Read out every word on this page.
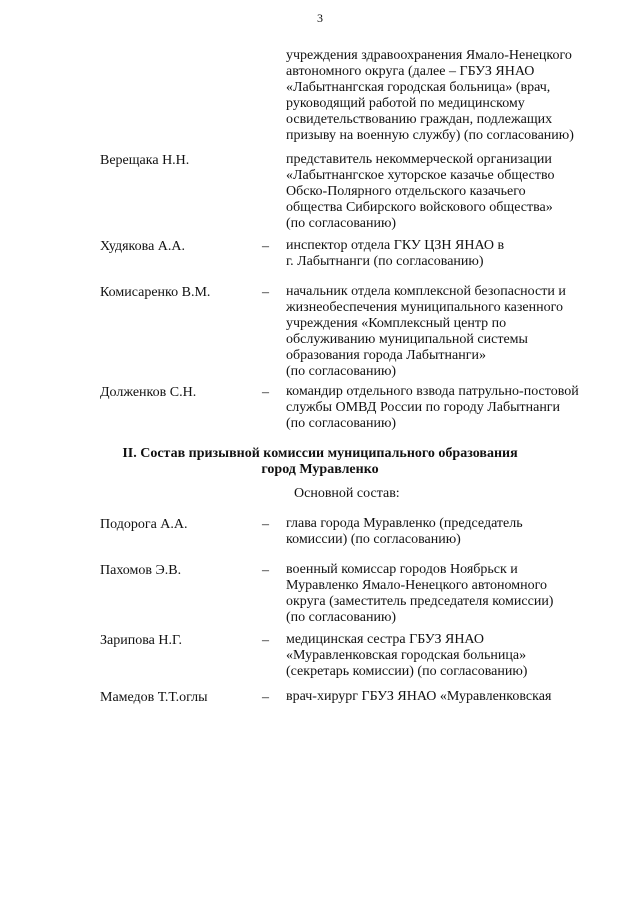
3
учреждения здравоохранения Ямало-Ненецкого
автономного округа (далее – ГБУЗ ЯНАО
«Лабытнангская городская больница» (врач,
руководящий работой по медицинскому
освидетельствованию граждан, подлежащих
призыву на военную службу) (по согласованию)
Верещака Н.Н.	представитель некоммерческой организации
«Лабытнангское хуторское казачье общество
Обско-Полярного отдельского казачьего
общества Сибирского войскового общества»
(по согласованию)
Худякова А.А.	– инспектор отдела ГКУ ЦЗН ЯНАО в
г. Лабытнанги (по согласованию)
Комисаренко В.М.	– начальник отдела комплексной безопасности и
жизнеобеспечения муниципального казенного
учреждения «Комплексный центр по
обслуживанию муниципальной системы
образования города Лабытнанги»
(по согласованию)
Долженков С.Н.	– командир отдельного взвода патрульно-постовой
службы ОМВД России по городу Лабытнанги
(по согласованию)
II. Состав призывной комиссии муниципального образования
город Муравленко
Основной состав:
Подорога А.А.	– глава города Муравленко (председатель
комиссии) (по согласованию)
Пахомов Э.В.	– военный комиссар городов Ноябрьск и
Муравленко Ямало-Ненецкого автономного
округа (заместитель председателя комиссии)
(по согласованию)
Зарипова Н.Г.	– медицинская сестра ГБУЗ ЯНАО
«Муравленковская городская больница»
(секретарь комиссии) (по согласованию)
Мамедов Т.Т.оглы	– врач-хирург ГБУЗ ЯНАО «Муравленковская
